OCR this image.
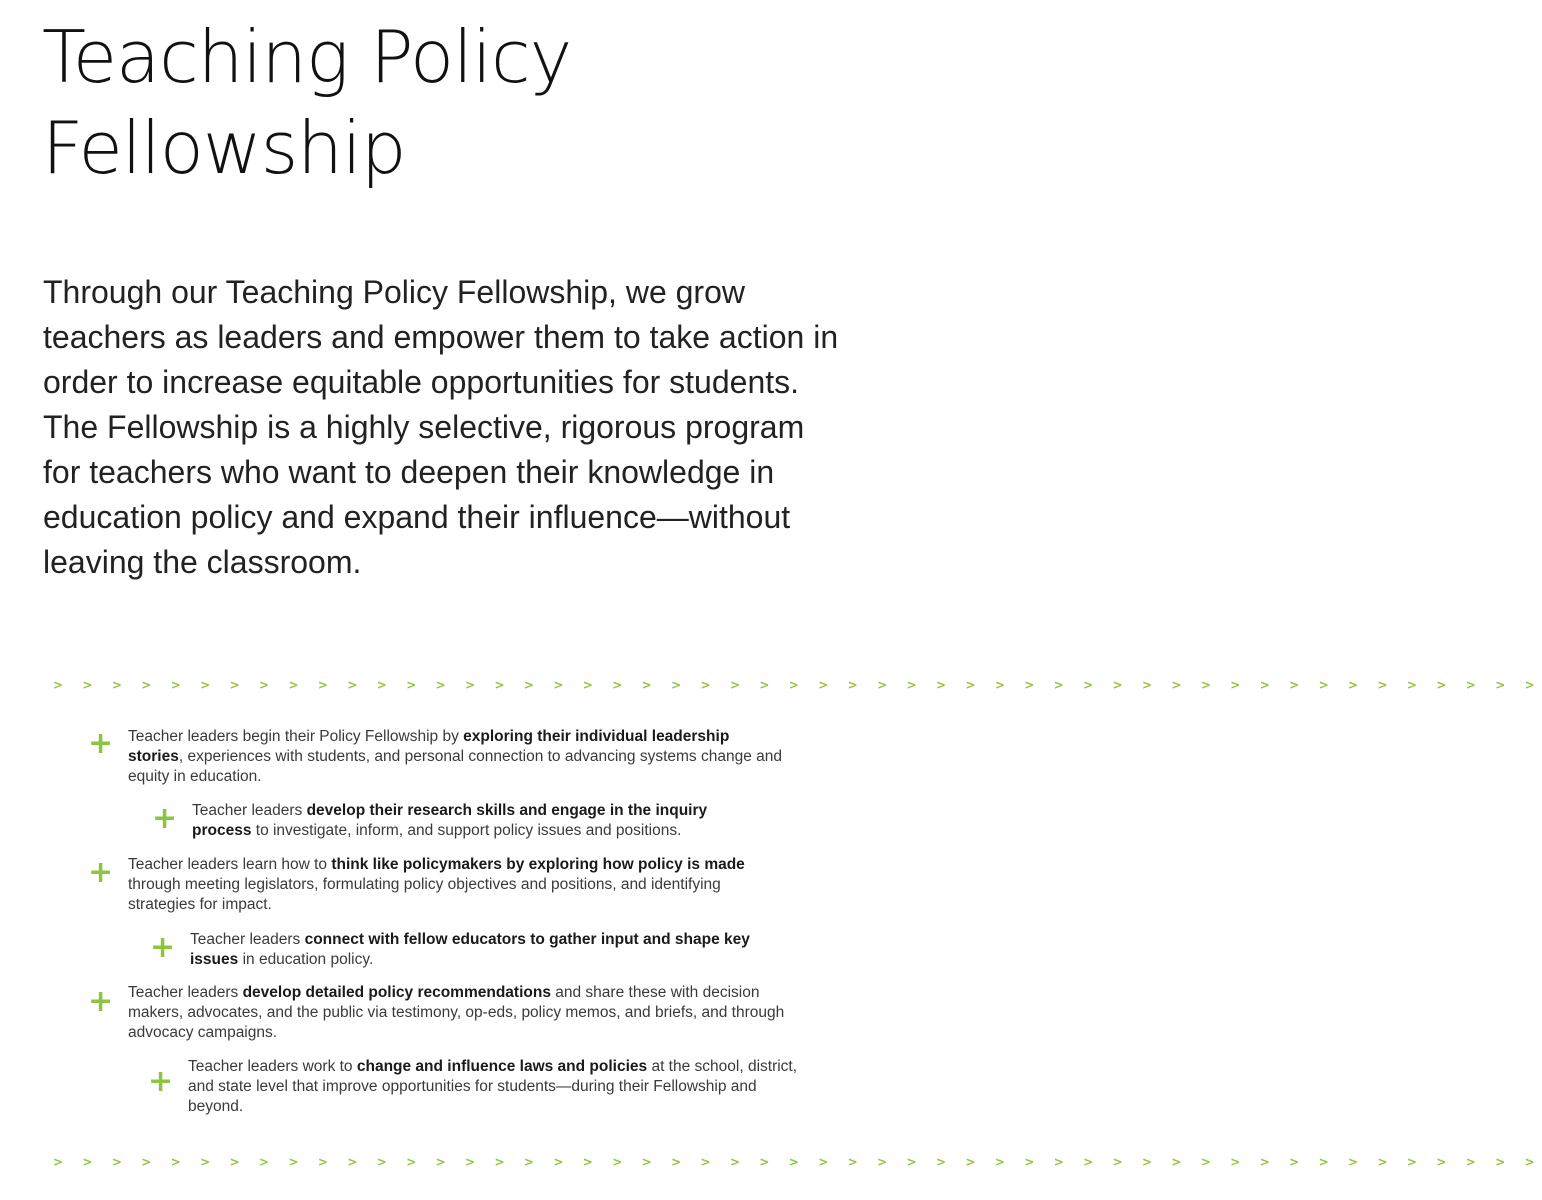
Teaching Policy
Fellowship

Through our Teaching Policy Fellowship, we grow teachers as leaders and empower them to take action in order to increase equitable opportunities for students. The Fellowship is a highly selective, rigorous program for teachers who want to deepen their knowledge in education policy and expand their influence—without leaving the classroom.

> > > > > > > > > > > > > > > > > > > > > > > > > > > > > > > > > > > > > > > > > > > > > > > > > > >
+ Teacher leaders begin their Policy Fellowship by exploring their individual leadership stories, experiences with students, and personal connection to advancing systems change and equity in education.

+ Teacher leaders develop their research skills and engage in the inquiry process to investigate, inform, and support policy issues and positions.

+ Teacher leaders learn how to think like policymakers by exploring how policy is made through meeting legislators, formulating policy objectives and positions, and identifying strategies for impact.

+ Teacher leaders connect with fellow educators to gather input and shape key issues in education policy.

+ Teacher leaders develop detailed policy recommendations and share these with decision makers, advocates, and the public via testimony, op-eds, policy memos, and briefs, and through advocacy campaigns.

+ Teacher leaders work to change and influence laws and policies at the school, district, and state level that improve opportunities for students—during their Fellowship and beyond.

> > > > > > > > > > > > > > > > > > > > > > > > > > > > > > > > > > > > > > > > > > > > > > > > > > >
